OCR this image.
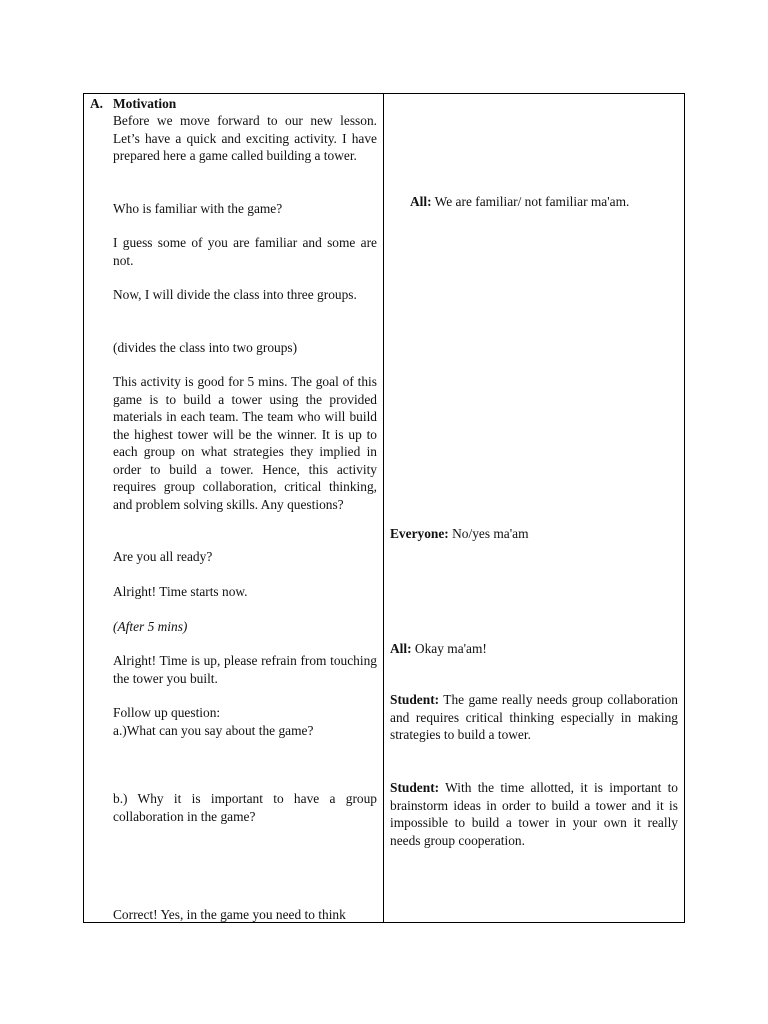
A. Motivation

Before we move forward to our new lesson. Let’s have a quick and exciting activity. I have prepared here a game called building a tower.

Who is familiar with the game?

I guess some of you are familiar and some are not.

Now, I will divide the class into three groups.

(divides the class into two groups)

This activity is good for 5 mins. The goal of this game is to build a tower using the provided materials in each team. The team who will build the highest tower will be the winner. It is up to each group on what strategies they implied in order to build a tower. Hence, this activity requires group collaboration, critical thinking, and problem solving skills. Any questions?

Are you all ready?

Alright! Time starts now.

(After 5 mins)

Alright! Time is up, please refrain from touching the tower you built.

Follow up question:

a.)What can you say about the game?

b.) Why it is important to have a group collaboration in the game?

Correct! Yes, in the game you need to think

All: We are familiar/ not familiar ma'am.

Everyone: No/yes ma'am

All: Okay ma'am!

Student: The game really needs group collaboration and requires critical thinking especially in making strategies to build a tower.

Student: With the time allotted, it is important to brainstorm ideas in order to build a tower and it is impossible to build a tower in your own it really needs group cooperation.
